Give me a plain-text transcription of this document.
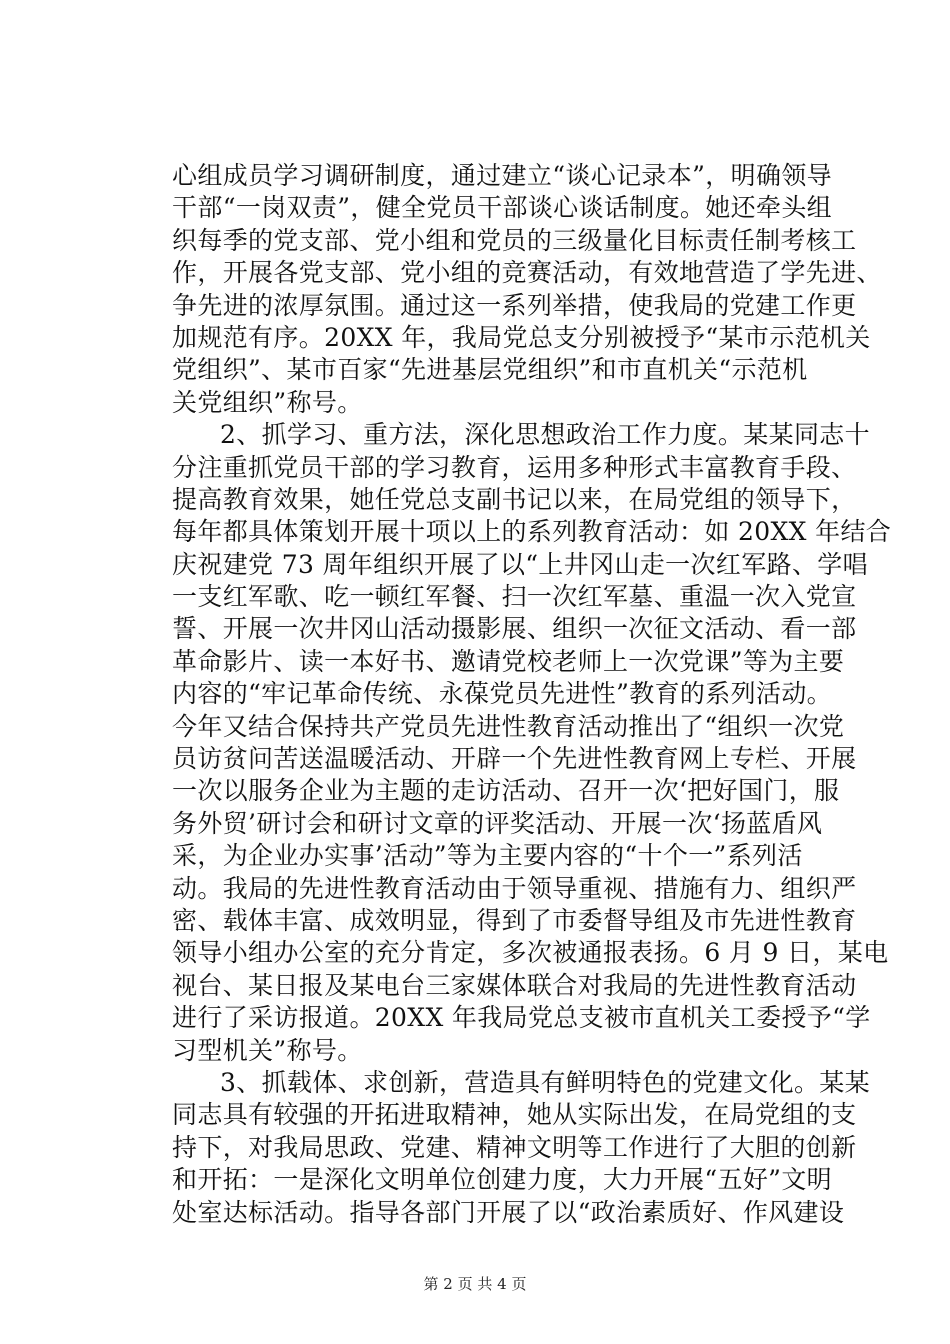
心组成员学习调研制度，通过建立“谈心记录本”，明确领导
干部“一岗双责”，健全党员干部谈心谈话制度。她还牵头组
织每季的党支部、党小组和党员的三级量化目标责任制考核工
作，开展各党支部、党小组的竞赛活动，有效地营造了学先进、
争先进的浓厚氛围。通过这一系列举措，使我局的党建工作更
加规范有序。20XX 年，我局党总支分别被授予“某市示范机关
党组织”、某市百家“先进基层党组织”和市直机关“示范机
关党组织”称号。
2、抓学习、重方法，深化思想政治工作力度。某某同志十
分注重抓党员干部的学习教育，运用多种形式丰富教育手段、
提高教育效果，她任党总支副书记以来，在局党组的领导下，
每年都具体策划开展十项以上的系列教育活动：如 20XX 年结合
庆祝建党 73 周年组织开展了以“上井冈山走一次红军路、学唱
一支红军歌、吃一顿红军餐、扫一次红军墓、重温一次入党宣
誓、开展一次井冈山活动摄影展、组织一次征文活动、看一部
革命影片、读一本好书、邀请党校老师上一次党课”等为主要
内容的“牢记革命传统、永葆党员先进性”教育的系列活动。
今年又结合保持共产党员先进性教育活动推出了“组织一次党
员访贫问苦送温暖活动、开辟一个先进性教育网上专栏、开展
一次以服务企业为主题的走访活动、召开一次‘把好国门，服
务外贸’研讨会和研讨文章的评奖活动、开展一次‘扬蓝盾风
采，为企业办实事’活动”等为主要内容的“十个一”系列活
动。我局的先进性教育活动由于领导重视、措施有力、组织严
密、载体丰富、成效明显，得到了市委督导组及市先进性教育
领导小组办公室的充分肯定，多次被通报表扬。6 月 9 日，某电
视台、某日报及某电台三家媒体联合对我局的先进性教育活动
进行了采访报道。20XX 年我局党总支被市直机关工委授予“学
习型机关”称号。
3、抓载体、求创新，营造具有鲜明特色的党建文化。某某
同志具有较强的开拓进取精神，她从实际出发，在局党组的支
持下，对我局思政、党建、精神文明等工作进行了大胆的创新
和开拓：一是深化文明单位创建力度，大力开展“五好”文明
处室达标活动。指导各部门开展了以“政治素质好、作风建设
第 2 页 共 4 页
